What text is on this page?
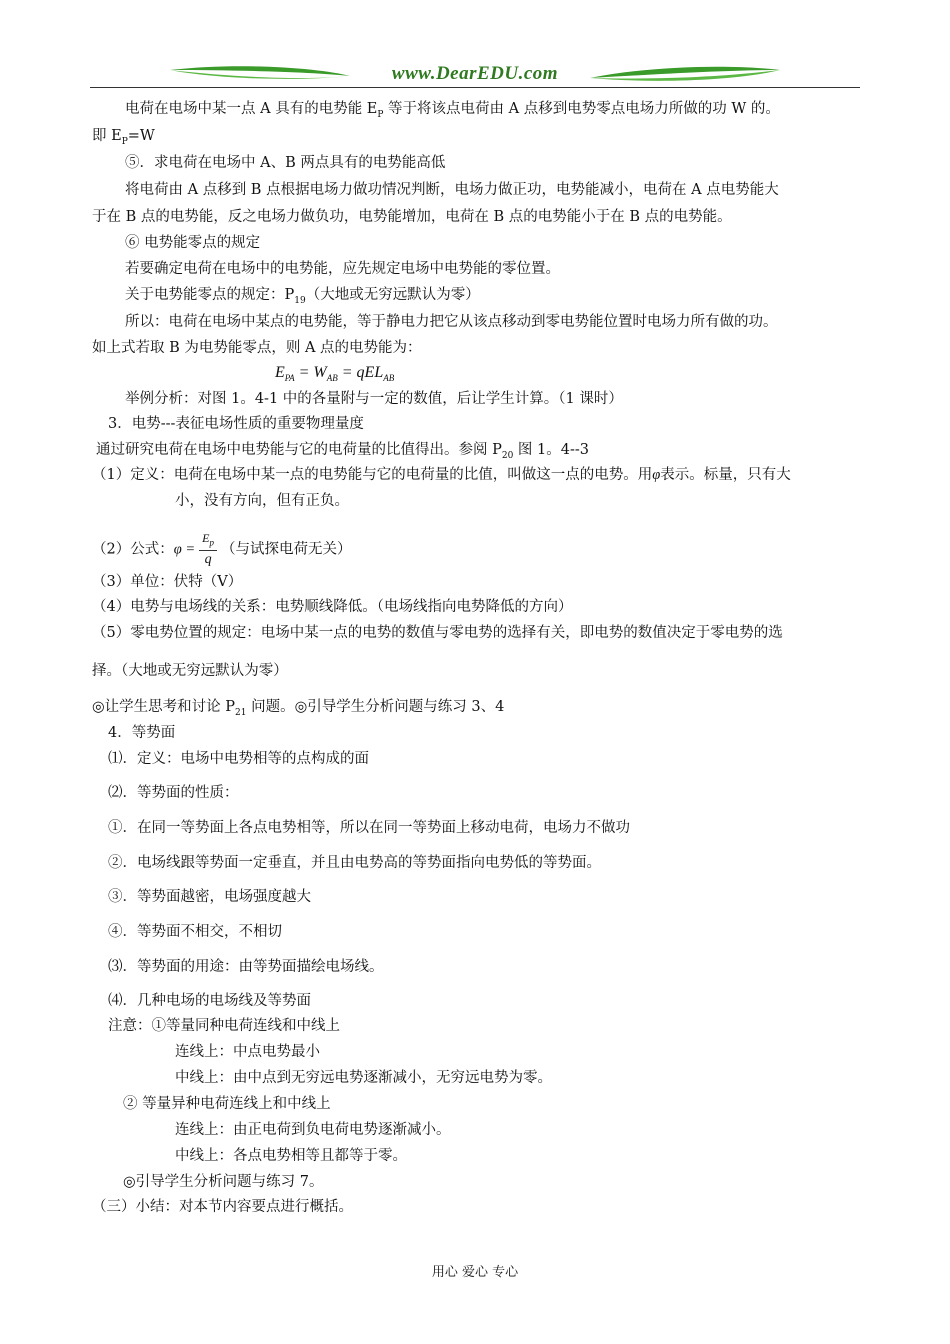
www.DearEDU.com
电荷在电场中某一点 A 具有的电势能 $E_P$ 等于将该点电荷由 A 点移到电势零点电场力所做的功 W 的。
即 $E_P=W$
⑤．求电荷在电场中 A、B 两点具有的电势能高低
将电荷由 A 点移到 B 点根据电场力做功情况判断，电场力做正功，电势能减小，电荷在 A 点电势能大
于在 B 点的电势能，反之电场力做负功，电势能增加，电荷在 B 点的电势能小于在 B 点的电势能。
⑥ 电势能零点的规定
若要确定电荷在电场中的电势能，应先规定电场中电势能的零位置。
关于电势能零点的规定：$P_{19}$（大地或无穷远默认为零）
所以：电荷在电场中某点的电势能，等于静电力把它从该点移动到零电势能位置时电场力所有做的功。
如上式若取 B 为电势能零点，则 A 点的电势能为：
$E_{PA} = W_{AB} = qEL_{AB}$
举例分析：对图 1。4-1 中的各量附与一定的数值，后让学生计算。（1 课时）
3．电势---表征电场性质的重要物理量度
通过研究电荷在电场中电势能与它的电荷量的比值得出。参阅 $P_{20}$ 图 1。4--3
（1）定义：电荷在电场中某一点的电势能与它的电荷量的比值，叫做这一点的电势。用φ表示。标量，只有大
小，没有方向，但有正负。
（2）公式：$\varphi = \frac{E_p}{q}$ （与试探电荷无关）
（3）单位：伏特（V）
（4）电势与电场线的关系：电势顺线降低。（电场线指向电势降低的方向）
（5）零电势位置的规定：电场中某一点的电势的数值与零电势的选择有关，即电势的数值决定于零电势的选
择。（大地或无穷远默认为零）
◎让学生思考和讨论 $P_{21}$ 问题。◎引导学生分析问题与练习 3、4
4．等势面
⑴．定义：电场中电势相等的点构成的面
⑵．等势面的性质：
①．在同一等势面上各点电势相等，所以在同一等势面上移动电荷，电场力不做功
②．电场线跟等势面一定垂直，并且由电势高的等势面指向电势低的等势面。
③．等势面越密，电场强度越大
④．等势面不相交，不相切
⑶．等势面的用途：由等势面描绘电场线。
⑷．几种电场的电场线及等势面
注意：①等量同种电荷连线和中线上
连线上：中点电势最小
中线上：由中点到无穷远电势逐渐减小，无穷远电势为零。
② 等量异种电荷连线上和中线上
连线上：由正电荷到负电荷电势逐渐减小。
中线上：各点电势相等且都等于零。
◎引导学生分析问题与练习 7。
（三）小结：对本节内容要点进行概括。
用心 爱心 专心
